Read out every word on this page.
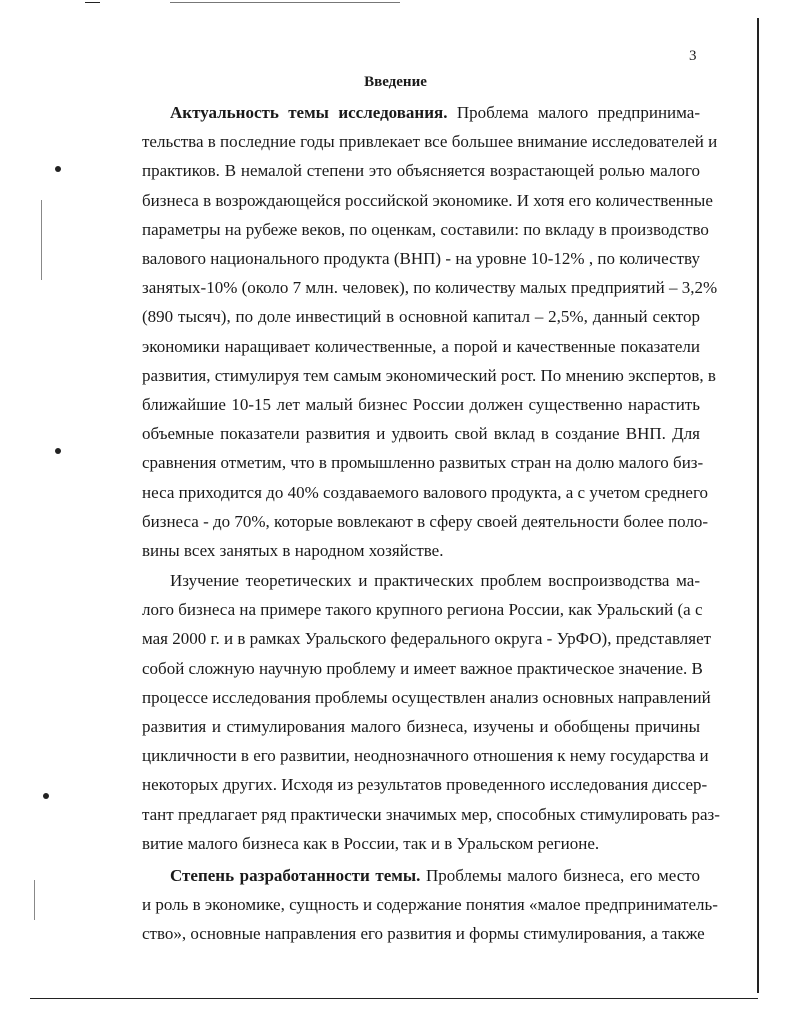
3
Введение
Актуальность темы исследования. Проблема малого предпринима-
тельства в последние годы привлекает все большее внимание исследователей и
практиков. В немалой степени это объясняется возрастающей ролью малого
бизнеса в возрождающейся российской экономике. И хотя его количественные
параметры на рубеже веков, по оценкам, составили: по вкладу в производство
валового национального продукта (ВНП) - на уровне 10-12% , по количеству
занятых-10% (около 7 млн. человек), по количеству малых предприятий – 3,2%
(890 тысяч), по доле инвестиций в основной капитал – 2,5%, данный сектор
экономики наращивает количественные, а порой и качественные показатели
развития, стимулируя тем самым экономический рост. По мнению экспертов, в
ближайшие 10-15 лет малый бизнес России должен существенно нарастить
объемные показатели развития и удвоить свой вклад в создание ВНП. Для
сравнения отметим, что в промышленно развитых стран на долю малого биз-
неса приходится до 40% создаваемого валового продукта, а с учетом среднего
бизнеса - до 70%, которые вовлекают в сферу своей деятельности более поло-
вины всех занятых в народном хозяйстве.
Изучение теоретических и практических проблем воспроизводства ма-
лого бизнеса на примере такого крупного региона России, как Уральский (а с
мая 2000 г. и в рамках Уральского федерального округа - УрФО), представляет
собой сложную научную проблему и имеет важное практическое значение. В
процессе исследования проблемы осуществлен анализ основных направлений
развития и стимулирования малого бизнеса, изучены и обобщены причины
цикличности в его развитии, неоднозначного отношения к нему государства и
некоторых других. Исходя из результатов проведенного исследования диссер-
тант предлагает ряд практически значимых мер, способных стимулировать раз-
витие малого бизнеса как в России, так и в Уральском регионе.
Степень разработанности темы. Проблемы малого бизнеса, его место
и роль в экономике, сущность и содержание понятия «малое предприниматель-
ство», основные направления его развития и формы стимулирования, а также
